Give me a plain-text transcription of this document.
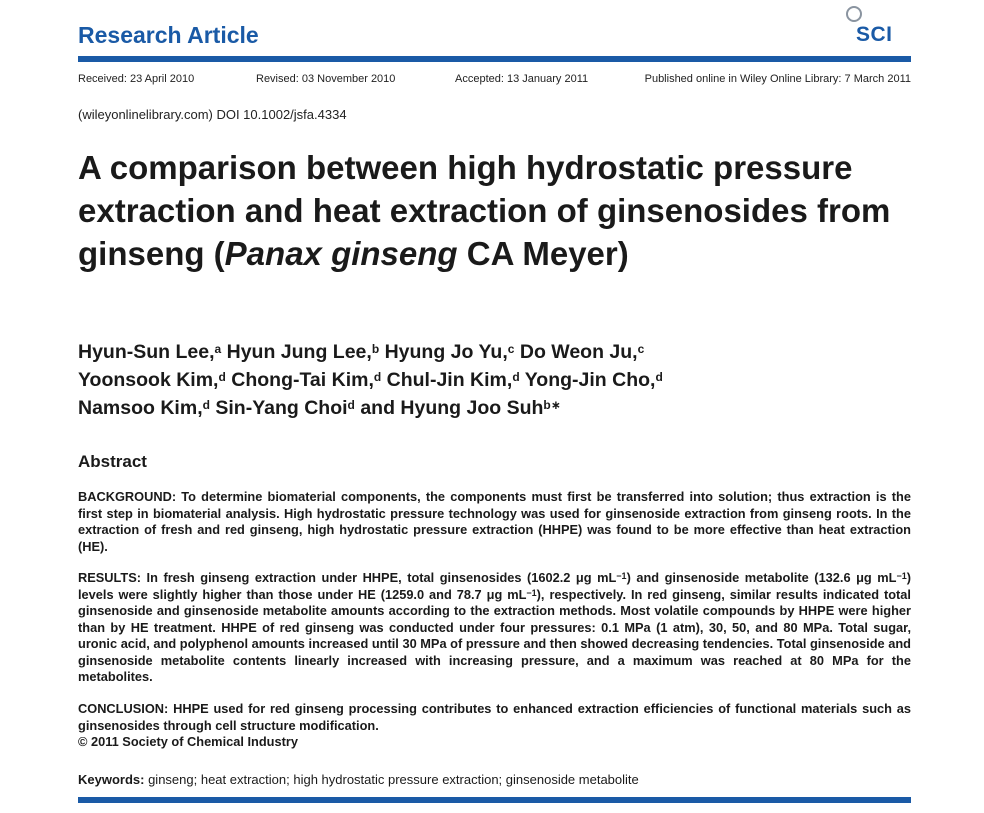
Research Article	SCI
Received: 23 April 2010	Revised: 03 November 2010	Accepted: 13 January 2011	Published online in Wiley Online Library: 7 March 2011
(wileyonlinelibrary.com) DOI 10.1002/jsfa.4334
A comparison between high hydrostatic pressure extraction and heat extraction of ginsenosides from ginseng (Panax ginseng CA Meyer)
Hyun-Sun Lee,$^a$ Hyun Jung Lee,$^b$ Hyung Jo Yu,$^c$ Do Weon Ju,$^c$
Yoonsook Kim,$^d$ Chong-Tai Kim,$^d$ Chul-Jin Kim,$^d$ Yong-Jin Cho,$^d$
Namsoo Kim,$^d$ Sin-Yang Choi$^d$ and Hyung Joo Suh$^{b∗}$
Abstract

BACKGROUND: To determine biomaterial components, the components must first be transferred into solution; thus extraction is the first step in biomaterial analysis. High hydrostatic pressure technology was used for ginsenoside extraction from ginseng roots. In the extraction of fresh and red ginseng, high hydrostatic pressure extraction (HHPE) was found to be more effective than heat extraction (HE).

RESULTS: In fresh ginseng extraction under HHPE, total ginsenosides (1602.2 μg $mL^{-1}$) and ginsenoside metabolite (132.6 μg $mL^{-1}$) levels were slightly higher than those under HE (1259.0 and 78.7 μg $mL^{-1}$), respectively. In red ginseng, similar results indicated total ginsenoside and ginsenoside metabolite amounts according to the extraction methods. Most volatile compounds by HHPE were higher than by HE treatment. HHPE of red ginseng was conducted under four pressures: 0.1 MPa (1 atm), 30, 50, and 80 MPa. Total sugar, uronic acid, and polyphenol amounts increased until 30 MPa of pressure and then showed decreasing tendencies. Total ginsenoside and ginsenoside metabolite contents linearly increased with increasing pressure, and a maximum was reached at 80 MPa for the metabolites.

CONCLUSION: HHPE used for red ginseng processing contributes to enhanced extraction efficiencies of functional materials such as ginsenosides through cell structure modification.
© 2011 Society of Chemical Industry

Keywords: ginseng; heat extraction; high hydrostatic pressure extraction; ginsenoside metabolite
